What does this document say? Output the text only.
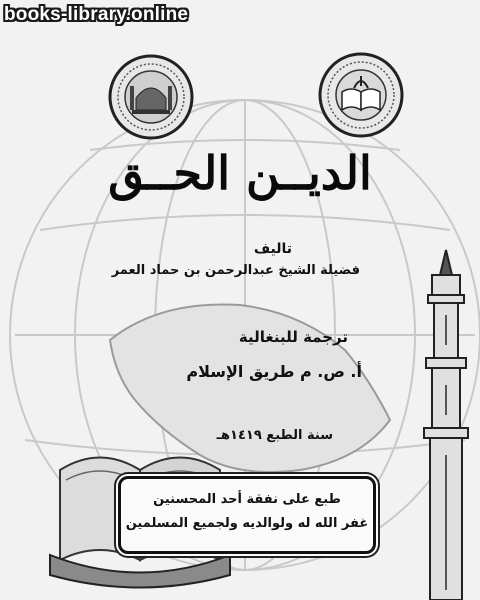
books-library.online
الديــن الحــق
تاليف
فضيلة الشيخ عبدالرحمن بن حماد العمر
ترجمة للبنغالية
أ. ص. م طريق الإسلام
سنة الطبع ١٤١٩هـ
طبع على نفقة أحد المحسنين
غفر الله له ولوالديه ولجميع المسلمين
